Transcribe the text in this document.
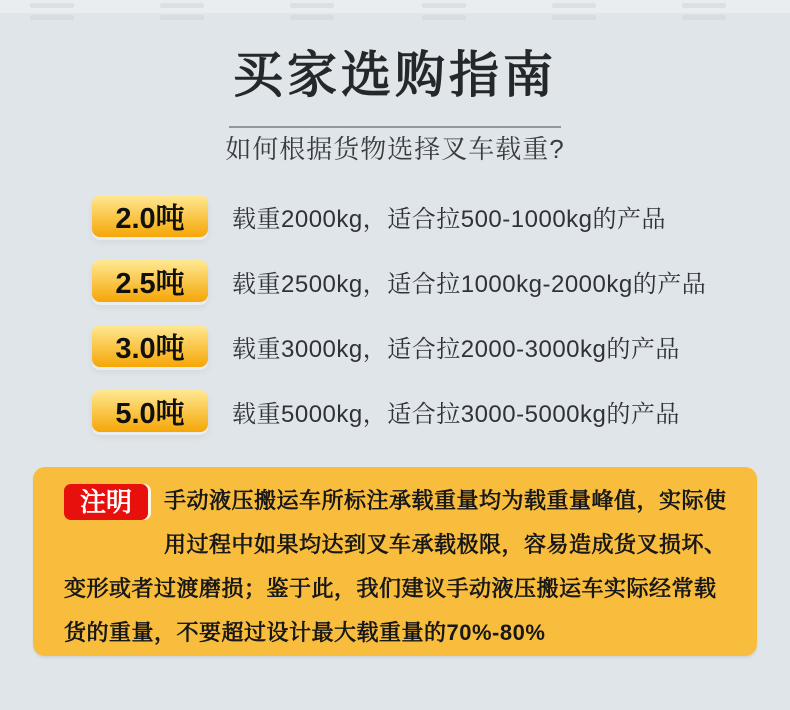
买家选购指南
如何根据货物选择叉车载重?
2.0吨	载重2000kg，适合拉500-1000kg的产品
2.5吨	载重2500kg，适合拉1000kg-2000kg的产品
3.0吨	载重3000kg，适合拉2000-3000kg的产品
5.0吨	载重5000kg，适合拉3000-5000kg的产品

注明	手动液压搬运车所标注承载重量均为载重量峰值，实际使用过程中如果均达到叉车承载极限，容易造成货叉损坏、变形或者过渡磨损；鉴于此，我们建议手动液压搬运车实际经常载货的重量，不要超过设计最大载重量的70%-80%
